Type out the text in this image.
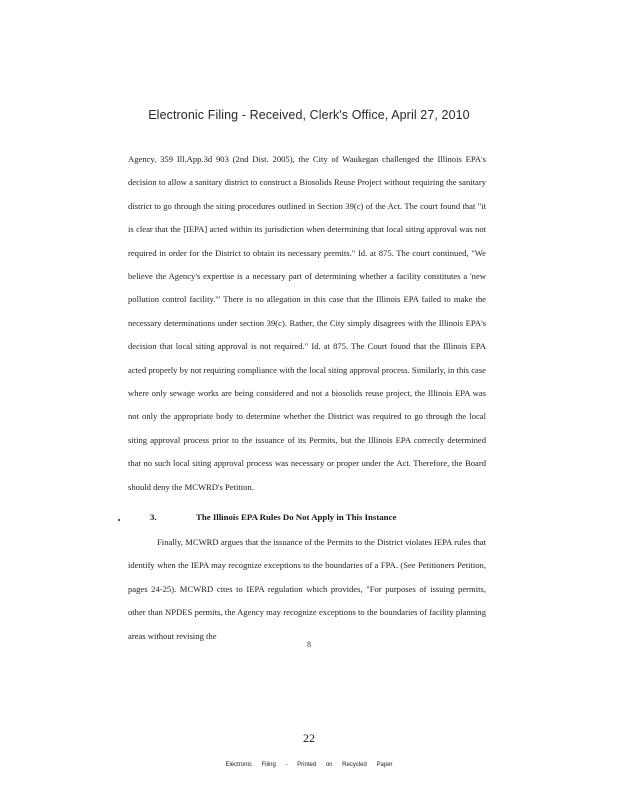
Electronic Filing - Received, Clerk's Office, April 27, 2010

Agency, 359 Ill.App.3d 903 (2nd Dist. 2005), the City of Waukegan challenged the Illinois EPA's decision to allow a sanitary district to construct a Biosolids Reuse Project without requiring the sanitary district to go through the siting procedures outlined in Section 39(c) of the Act. The court found that "it is clear that the [IEPA] acted within its jurisdiction when determining that local siting approval was not required in order for the District to obtain its necessary permits." Id. at 875. The court continued, "We believe the Agency's expertise is a necessary part of determining whether a facility constitutes a 'new pollution control facility.'" There is no allegation in this case that the Illinois EPA failed to make the necessary determinations under section 39(c). Rather, the City simply disagrees with the Illinois EPA's decision that local siting approval is not required." Id. at 875. The Court found that the Illinois EPA acted properly by not requiring compliance with the local siting approval process. Similarly, in this case where only sewage works are being considered and not a biosolids reuse project, the Illinois EPA was not only the appropriate body to determine whether the District was required to go through the local siting approval process prior to the issuance of its Permits, but the Illinois EPA correctly determined that no such local siting approval process was necessary or proper under the Act. Therefore, the Board should deny the MCWRD's Petition.

3.	The Illinois EPA Rules Do Not Apply in This Instance

Finally, MCWRD argues that the issuance of the Permits to the District violates IEPA rules that identify when the IEPA may recognize exceptions to the boundaries of a FPA. (See Petitioners Petition, pages 24-25). MCWRD cites to IEPA regulation which provides, "For purposes of issuing permits, other than NPDES permits, the Agency may recognize exceptions to the boundaries of facility planning areas without revising the

8
22
Electronic Filing - Printed on Recycled Paper
